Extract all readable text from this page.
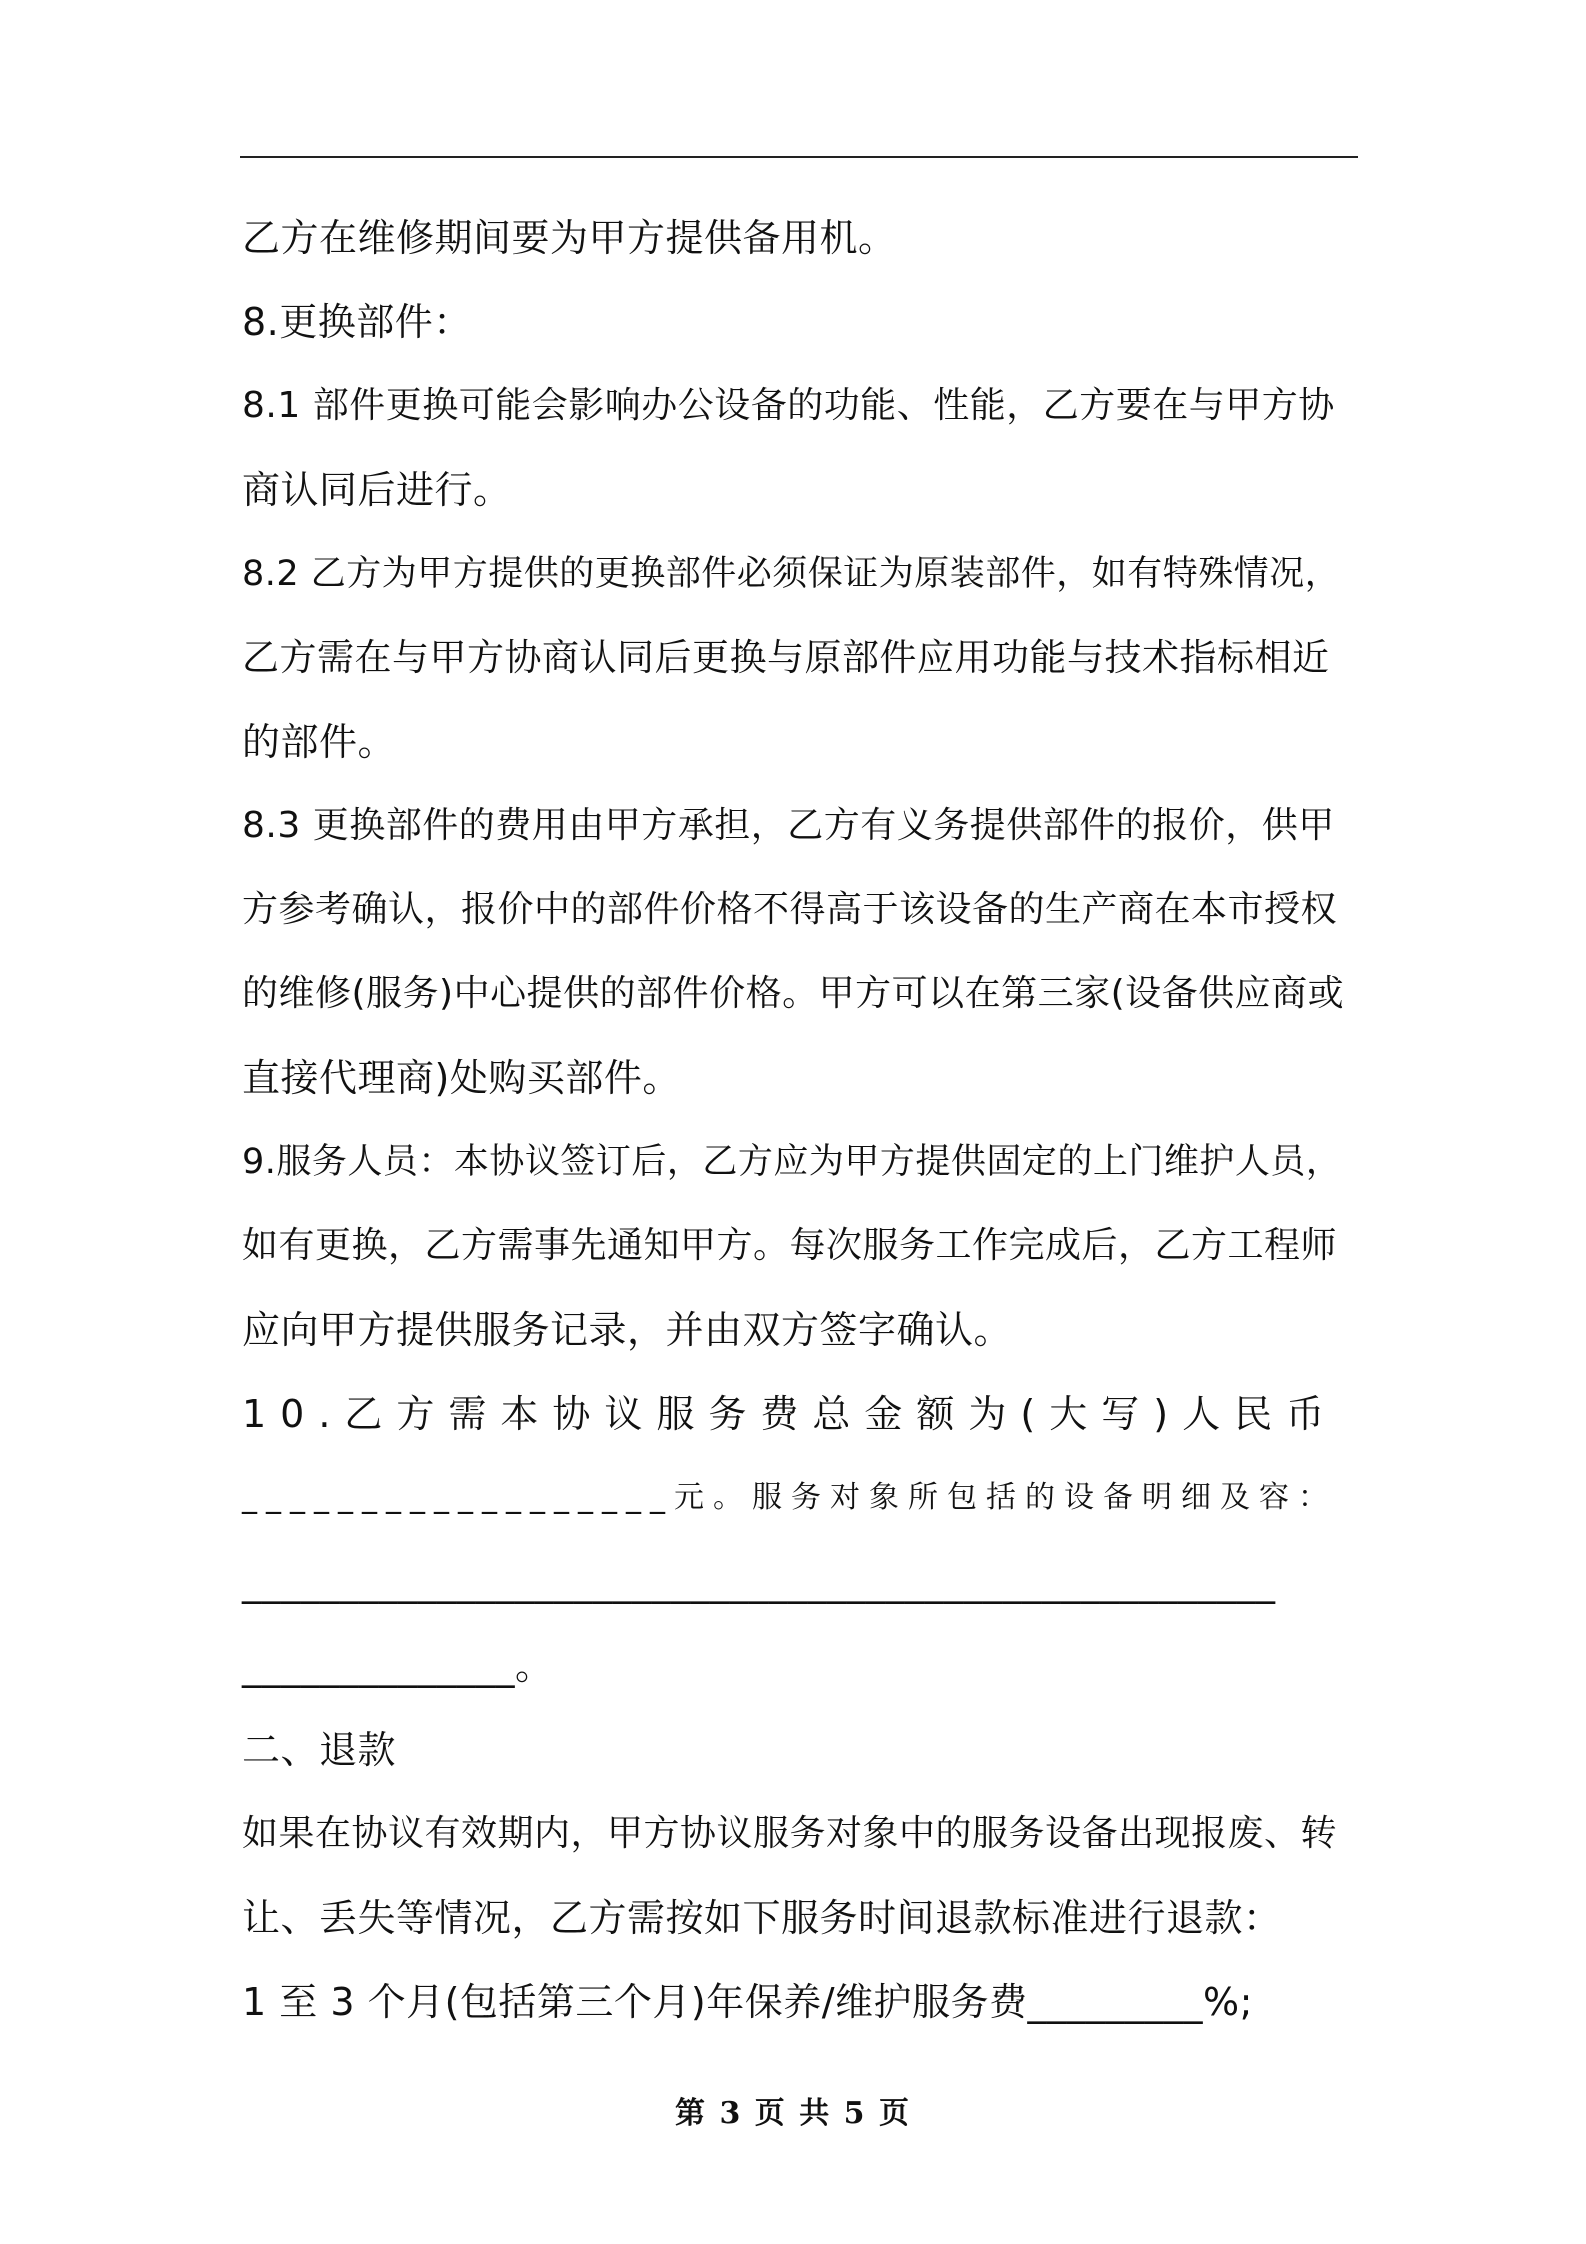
乙方在维修期间要为甲方提供备用机。
8.更换部件：
8.1 部件更换可能会影响办公设备的功能、性能，乙方要在与甲方协
商认同后进行。
8.2 乙方为甲方提供的更换部件必须保证为原装部件，如有特殊情况，
乙方需在与甲方协商认同后更换与原部件应用功能与技术指标相近
的部件。
8.3 更换部件的费用由甲方承担，乙方有义务提供部件的报价，供甲
方参考确认，报价中的部件价格不得高于该设备的生产商在本市授权
的维修(服务)中心提供的部件价格。甲方可以在第三家(设备供应商或
直接代理商)处购买部件。
9.服务人员：本协议签订后，乙方应为甲方提供固定的上门维护人员，
如有更换，乙方需事先通知甲方。每次服务工作完成后，乙方工程师
应向甲方提供服务记录，并由双方签字确认。
10.乙方需本协议服务费总金额为(大写)人民币
__________________元。服务对象所包括的设备明细及容：
_____________________________________________________
______________。
二、退款
如果在协议有效期内，甲方协议服务对象中的服务设备出现报废、转
让、丢失等情况，乙方需按如下服务时间退款标准进行退款：
1 至 3 个月(包括第三个月)年保养/维护服务费_________%;
第 3 页 共 5 页
